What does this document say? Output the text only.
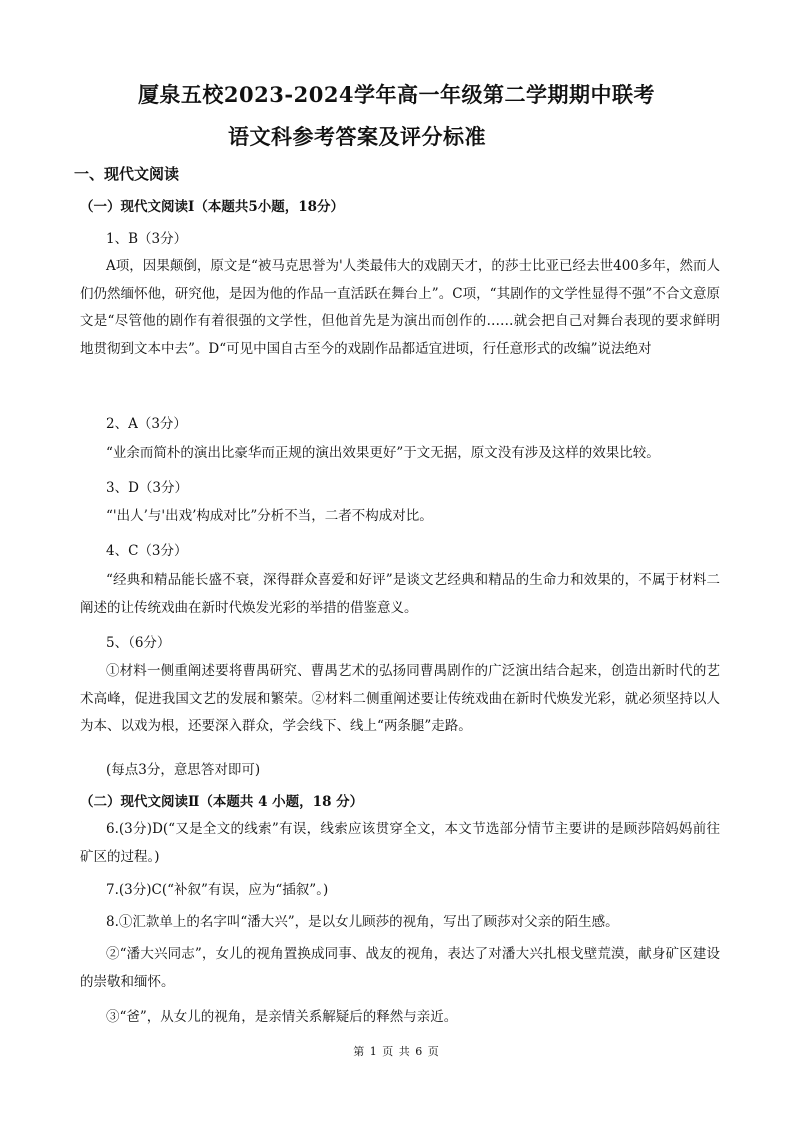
厦泉五校2023-2024学年高一年级第二学期期中联考
语文科参考答案及评分标准
一、现代文阅读
（一）现代文阅读Ⅰ（本题共5小题，18分）
1、B（3分）
A项，因果颠倒，原文是“被马克思誉为'人类最伟大的戏剧天才，的莎士比亚已经去世400多年，然而人们仍然缅怀他，研究他，是因为他的作品一直活跃在舞台上”。C项，“其剧作的文学性显得不强”不合文意原文是“尽管他的剧作有着很强的文学性，但他首先是为演出而创作的……就会把自己对舞台表现的要求鲜明地贯彻到文本中去”。D“可见中国自古至今的戏剧作品都适宜进顷，行任意形式的改编”说法绝对
2、A（3分）
“业余而简朴的演出比豪华而正规的演出效果更好”于文无据，原文没有涉及这样的效果比较。
3、D（3分）
“'出人’与'出戏’构成对比”分析不当，二者不构成对比。
4、C（3分）
“经典和精品能长盛不衰，深得群众喜爱和好评”是谈文艺经典和精品的生命力和效果的，不属于材料二阐述的让传统戏曲在新时代焕发光彩的举措的借鉴意义。
5、（6分）
①材料一侧重阐述要将曹禺研究、曹禺艺术的弘扬同曹禺剧作的广泛演出结合起来，创造出新时代的艺术高峰，促进我国文艺的发展和繁荣。②材料二侧重阐述要让传统戏曲在新时代焕发光彩，就必须坚持以人为本、以戏为根，还要深入群众，学会线下、线上“两条腿”走路。
(每点3分，意思答对即可)
（二）现代文阅读Ⅱ（本题共 4 小题，18 分）
6.(3分)D(“又是全文的线索”有误，线索应该贯穿全文，本文节选部分情节主要讲的是顾莎陪妈妈前往矿区的过程。)
7.(3分)C(“补叙”有误，应为“插叙”。)
8.①汇款单上的名字叫“潘大兴”，是以女儿顾莎的视角，写出了顾莎对父亲的陌生感。
②“潘大兴同志”，女儿的视角置换成同事、战友的视角，表达了对潘大兴扎根戈壁荒漠，献身矿区建设的崇敬和缅怀。
③“爸”，从女儿的视角，是亲情关系解疑后的释然与亲近。
第 1 页 共 6 页
